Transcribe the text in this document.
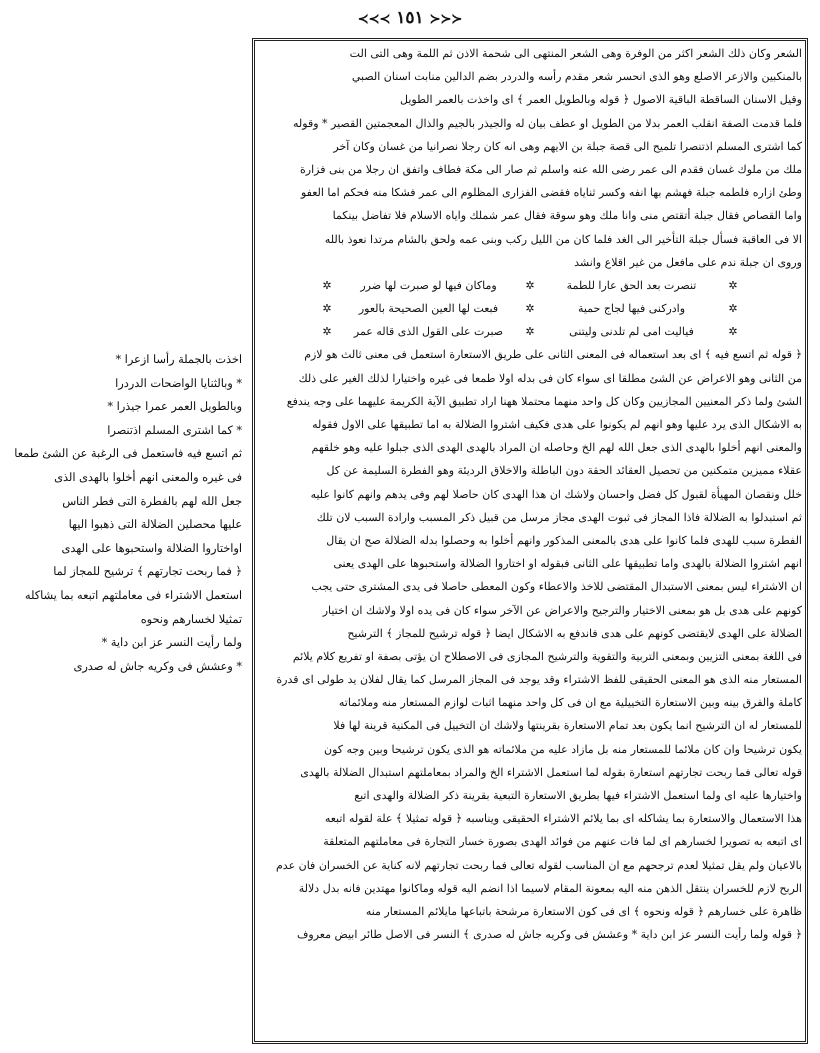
≺≺≺ ١٥١ ≻≻≻
الشعر وكان ذلك الشعر اكثر من الوفرة وهى الشعر المنتهى الى شحمة الاذن ثم اللمة وهى التى الت
بالمنكبين والازعر الاصلع وهو الذى انحسر شعر مقدم رأسه والدردر بضم الدالين منابت اسنان الصبي
وقيل الاسنان الساقطة الباقية الاصول ﴿ قوله وبالطويل العمر ﴾ اى واخذت بالعمر الطويل
فلما قدمت الصفة انقلب العمر بدلا من الطويل او عطف بيان له والجيذر بالجيم والذال المعجمتين القصير * وقوله
كما اشترى المسلم اذتنصرا تلميح الى قصة جبلة بن الايهم وهى انه كان رجلا نصرانيا من غسان وكان آخر
ملك من ملوك غسان فقدم الى عمر رضى الله عنه واسلم ثم صار الى مكة فطاف واتفق ان رجلا من بنى فزارة
وطئ ازاره فلطمه جبلة فهشم بها انفه وكسر ثناياه فقضى الفزارى المظلوم الى عمر فشكا منه فحكم اما العفو
واما القصاص فقال جبلة أتقتص منى وانا ملك وهو سوقة فقال عمر شملك واياه الاسلام فلا تفاضل بينكما
الا فى العاقبة فسأل جبلة التأخير الى الغد فلما كان من الليل ركب وبنى عمه ولحق بالشام مرتدا نعوذ بالله
وروى ان جبلة ندم على مافعل من غير اقلاع وانشد
✲
تنصرت بعد الحق عارا للطمة
✲
وماكان فيها لو صبرت لها ضرر
✲
✲
وادركنى فيها لجاج حمية
✲
فبعت لها العين الصحيحة بالعور
✲
✲
فياليت امى لم تلدنى وليتنى
✲
صبرت على القول الذى قاله عمر
✲
﴿ قوله ثم اتسع فيه ﴾ اى بعد استعماله فى المعنى الثانى على طريق الاستعارة استعمل فى معنى ثالث هو لازم
من الثانى وهو الاعراض عن الشئ مطلقا اى سواء كان فى بدله اولا طمعا فى غيره واختيارا لذلك الغير على ذلك
الشئ ولما ذكر المعنيين المجازيين وكان كل واحد منهما محتملا ههنا اراد تطبيق الآية الكريمة عليهما على وجه يندفع
به الاشكال الذى يرد عليها وهو انهم لم يكونوا على هدى فكيف اشتروا الضلالة به اما تطبيقها على الاول فقوله
والمعنى انهم أخلوا بالهدى الذى جعل الله لهم الخ وحاصله ان المراد بالهدى الهدى الذى جبلوا عليه وهو خلقهم
عقلاء مميزين متمكنين من تحصيل العقائد الحقة دون الباطلة والاخلاق الرديئة وهو الفطرة السليمة عن كل
خلل ونقصان المهيأة لقبول كل فضل واحسان ولاشك ان هذا الهدى كان حاصلا لهم وفى يدهم وانهم كانوا عليه
ثم استبدلوا به الضلالة فاذا المجاز فى ثبوت الهدى مجاز مرسل من قبيل ذكر المسبب وارادة السبب لان تلك
الفطرة سبب للهدى فلما كانوا على هدى بالمعنى المذكور وانهم أخلوا به وحصلوا بدله الضلالة صح ان يقال
انهم اشتروا الضلالة بالهدى واما تطبيقها على الثانى فبقوله او اختاروا الضلالة واستحبوها على الهدى يعنى
ان الاشتراء ليس بمعنى الاستبدال المقتضى للاخذ والاعطاء وكون المعطى حاصلا فى يدى المشترى حتى يجب
كونهم على هدى بل هو بمعنى الاختيار والترجيح والاعراض عن الآخر سواء كان فى يده اولا ولاشك ان اختيار
الضلالة على الهدى لايقتضى كونهم على هدى فاندفع به الاشكال ايضا ﴿ قوله ترشيح للمجاز ﴾ الترشيح
فى اللغة بمعنى التزيين وبمعنى التربية والتقوية والترشيح المجازى فى الاصطلاح ان يؤتى بصفة او تفريع كلام يلائم
المستعار منه الذى هو المعنى الحقيقى للفظ الاشتراء وقد يوجد فى المجاز المرسل كما يقال لفلان يد طولى اى قدرة
كاملة والفرق بينه وبين الاستعارة التخييلية مع ان فى كل واحد منهما اثبات لوازم المستعار منه وملائماته
للمستعار له ان الترشيح انما يكون بعد تمام الاستعارة بقرينتها ولاشك ان التخييل فى المكنية قرينة لها فلا
يكون ترشيحا وان كان ملائما للمستعار منه بل مازاد عليه من ملائماته هو الذى يكون ترشيحا وبين وجه كون
قوله تعالى فما ربحت تجارتهم استعارة بقوله لما استعمل الاشتراء الخ والمراد بمعاملتهم استبدال الضلالة بالهدى
واختيارها عليه اى ولما استعمل الاشتراء فيها بطريق الاستعارة التبعية بقرينة ذكر الضلالة والهدى اتبع
هذا الاستعمال والاستعارة بما يشاكله اى بما يلائم الاشتراء الحقيقى ويناسبه ﴿ قوله تمثيلا ﴾ علة لقوله اتبعه
اى اتبعه به تصويرا لخسارهم اى لما فات عنهم من فوائد الهدى بصورة خسار التجارة فى معاملتهم المتعلقة
بالاعيان ولم يقل تمثيلا لعدم ترجحهم مع ان المناسب لقوله تعالى فما ربحت تجارتهم لانه كناية عن الخسران فان عدم
الربح لازم للخسران ينتقل الذهن منه اليه بمعونة المقام لاسيما اذا انضم اليه قوله وماكانوا مهتدين فانه بدل دلالة
ظاهرة على خسارهم ﴿ قوله ونحوه ﴾ اى فى كون الاستعارة مرشحة باتباعها مايلائم المستعار منه
﴿ قوله ولما رأيت النسر عز ابن داية * وعشش فى وكريه جاش له صدرى ﴾ النسر فى الاصل طائر ابيض معروف
اخذت بالجملة رأسا ازعرا *
* وبالثنايا الواضحات الدردرا
وبالطويل العمر عمرا جيذرا *
* كما اشترى المسلم اذتنصرا
ثم اتسع فيه فاستعمل فى الرغبة عن الشئ طمعا
فى غيره والمعنى انهم أخلوا بالهدى الذى
جعل الله لهم بالفطرة التى فطر الناس
عليها محصلين الضلالة التى ذهبوا اليها
اواختاروا الضلالة واستحبوها على الهدى
﴿ فما ربحت تجارتهم ﴾ ترشيح للمجاز لما
استعمل الاشتراء فى معاملتهم اتبعه بما يشاكله
تمثيلا لخسارهم ونحوه
ولما رأيت النسر عز ابن داية *
* وعشش فى وكريه جاش له صدرى
